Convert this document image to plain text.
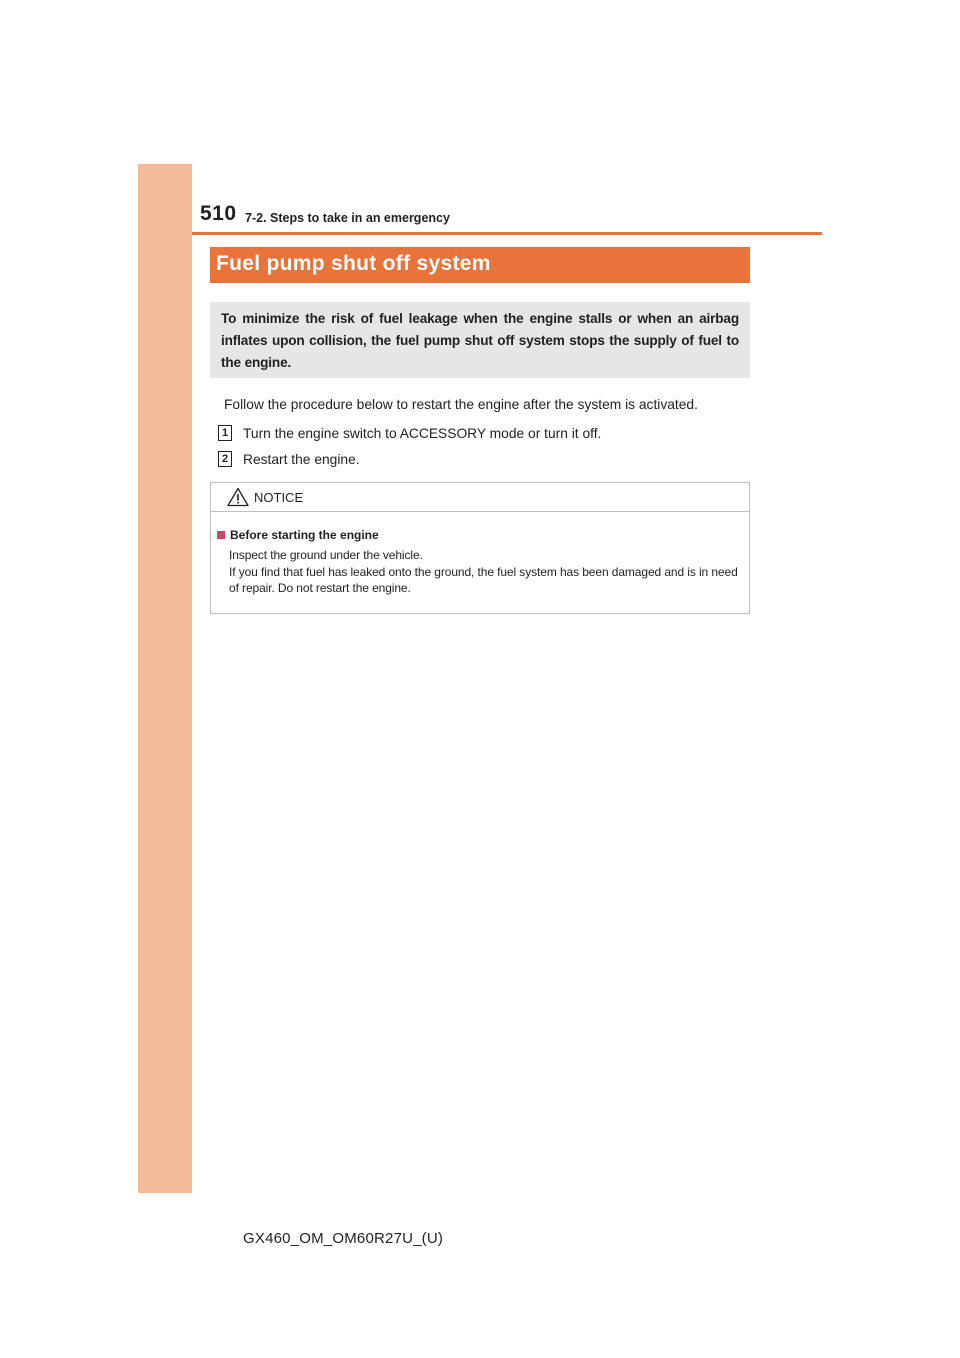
510 7-2. Steps to take in an emergency
Fuel pump shut off system
To minimize the risk of fuel leakage when the engine stalls or when an airbag inflates upon collision, the fuel pump shut off system stops the supply of fuel to the engine.
Follow the procedure below to restart the engine after the system is activated.
1 Turn the engine switch to ACCESSORY mode or turn it off.
2 Restart the engine.
NOTICE
Before starting the engine

Inspect the ground under the vehicle.

If you find that fuel has leaked onto the ground, the fuel system has been damaged and is in need of repair. Do not restart the engine.

GX460_OM_OM60R27U_(U)
